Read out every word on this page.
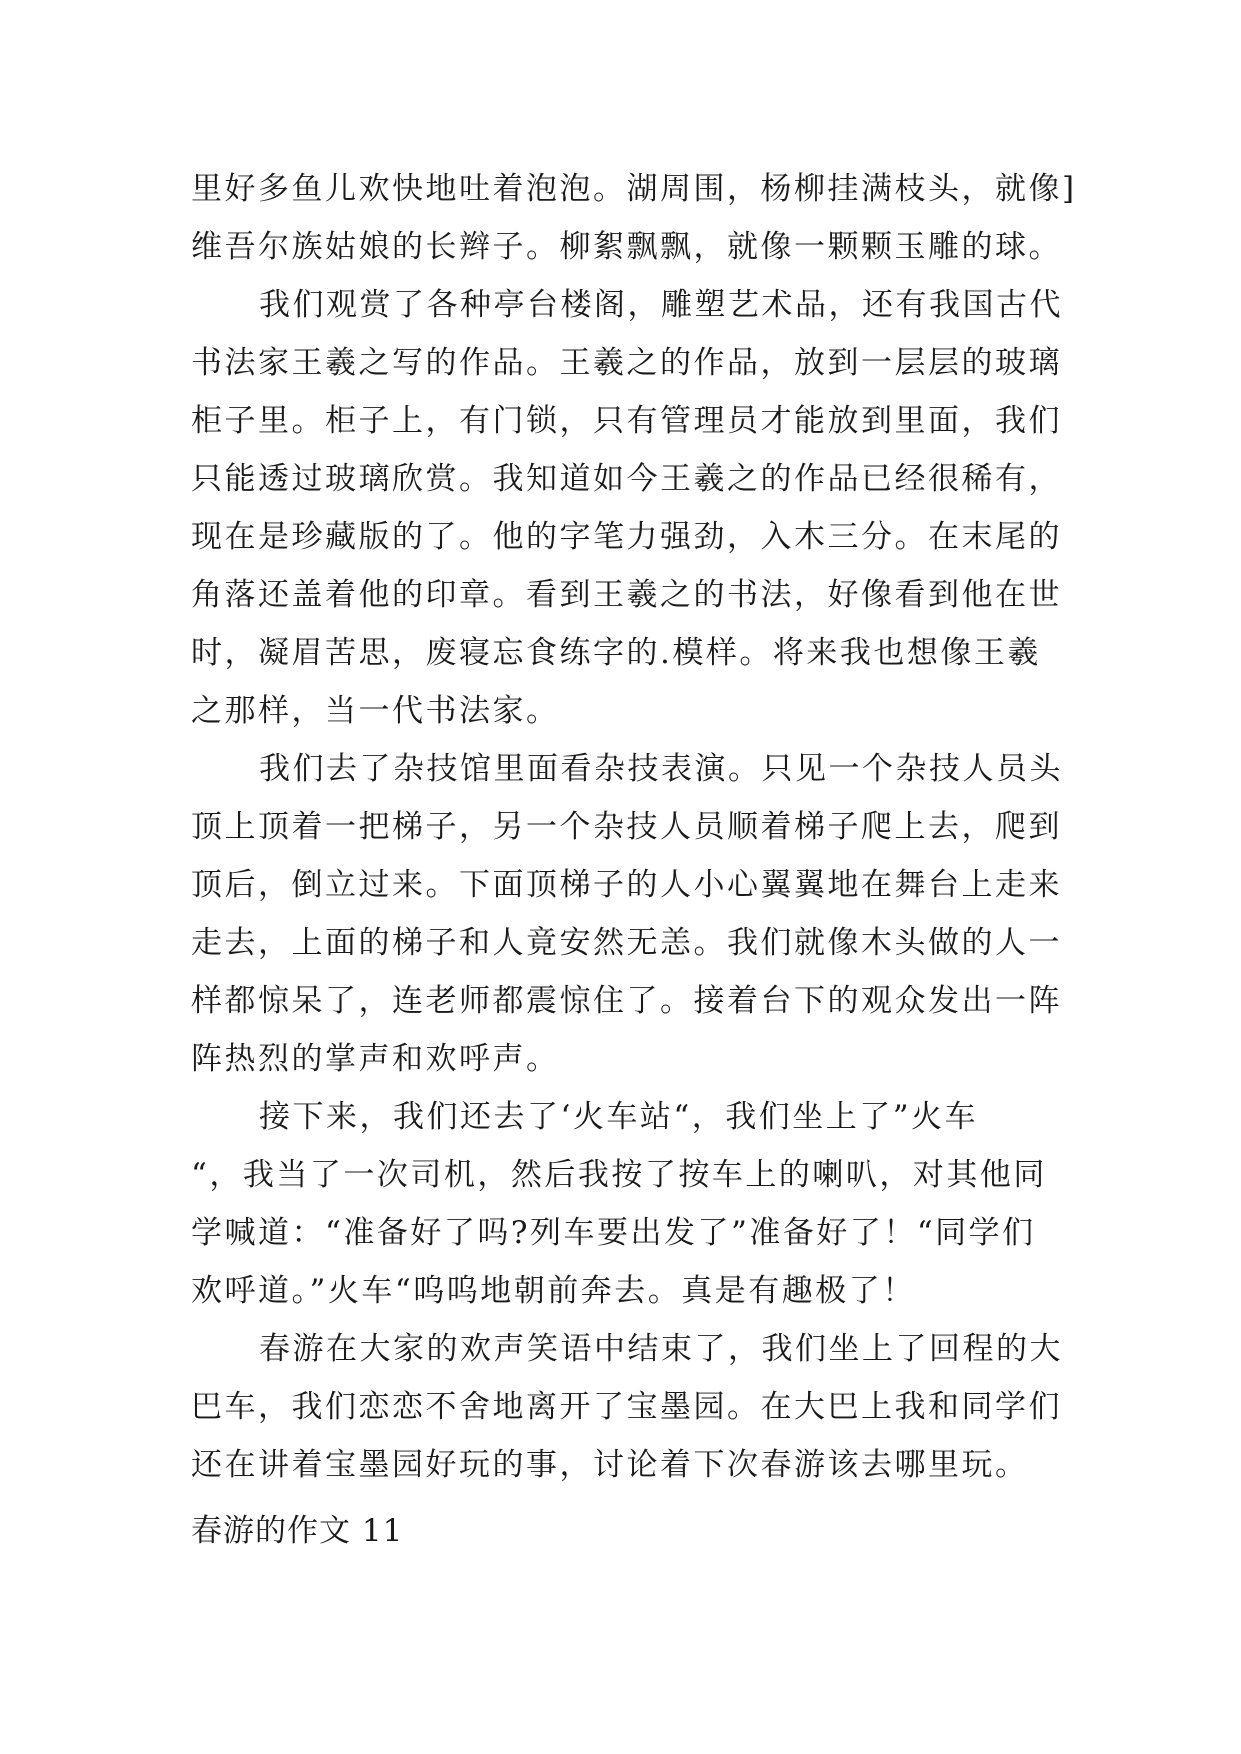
里好多鱼儿欢快地吐着泡泡。湖周围，杨柳挂满枝头，就像]
维吾尔族姑娘的长辫子。柳絮飘飘，就像一颗颗玉雕的球。
我们观赏了各种亭台楼阁，雕塑艺术品，还有我国古代
书法家王羲之写的作品。王羲之的作品，放到一层层的玻璃
柜子里。柜子上，有门锁，只有管理员才能放到里面，我们
只能透过玻璃欣赏。我知道如今王羲之的作品已经很稀有，
现在是珍藏版的了。他的字笔力强劲，入木三分。在末尾的
角落还盖着他的印章。看到王羲之的书法，好像看到他在世
时，凝眉苦思，废寝忘食练字的.模样。将来我也想像王羲
之那样，当一代书法家。
我们去了杂技馆里面看杂技表演。只见一个杂技人员头
顶上顶着一把梯子，另一个杂技人员顺着梯子爬上去，爬到
顶后，倒立过来。下面顶梯子的人小心翼翼地在舞台上走来
走去，上面的梯子和人竟安然无恙。我们就像木头做的人一
样都惊呆了，连老师都震惊住了。接着台下的观众发出一阵
阵热烈的掌声和欢呼声。
接下来，我们还去了‘火车站“，我们坐上了”火车
“，我当了一次司机，然后我按了按车上的喇叭，对其他同
学喊道：“准备好了吗?列车要出发了”准备好了！“同学们
欢呼道。”火车“呜呜地朝前奔去。真是有趣极了！
春游在大家的欢声笑语中结束了，我们坐上了回程的大
巴车，我们恋恋不舍地离开了宝墨园。在大巴上我和同学们
还在讲着宝墨园好玩的事，讨论着下次春游该去哪里玩。
春游的作文 11
